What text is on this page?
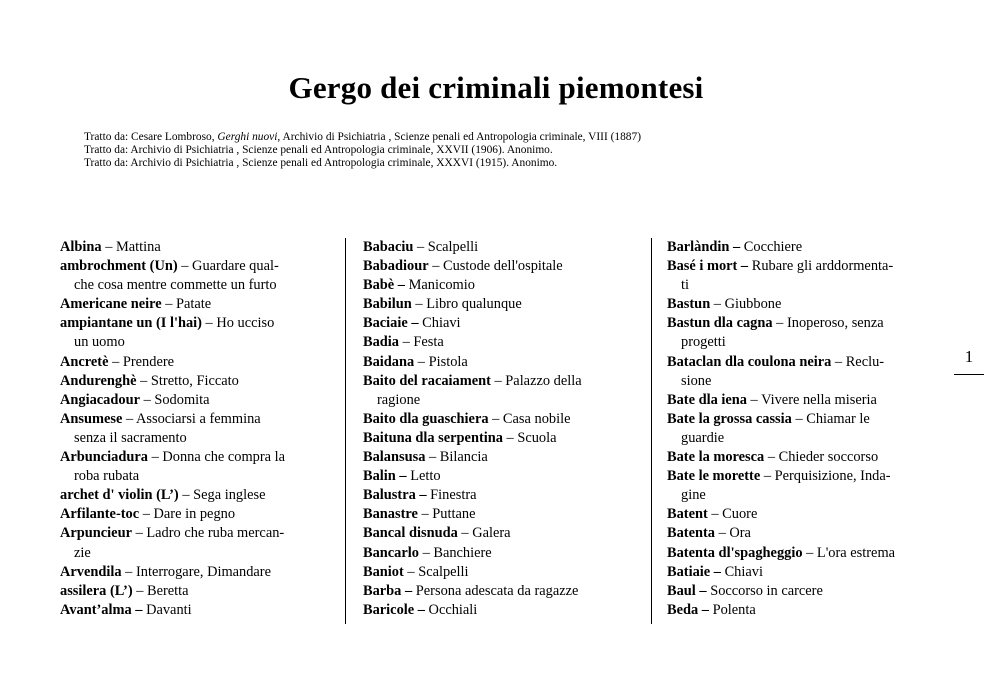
Gergo dei criminali piemontesi
Tratto da: Cesare Lombroso, Gerghi nuovi, Archivio di Psichiatria , Scienze penali ed Antropologia criminale, VIII (1887)
Tratto da: Archivio di Psichiatria , Scienze penali ed Antropologia criminale, XXVII (1906). Anonimo.
Tratto da: Archivio di Psichiatria , Scienze penali ed Antropologia criminale, XXXVI (1915). Anonimo.
Albina – Mattina
ambrochment (Un) – Guardare qual-
che cosa mentre commette un furto
Americane neire – Patate
ampiantane un (I l'hai) – Ho ucciso
un uomo
Ancretè – Prendere
Andurenghè – Stretto, Ficcato
Angiacadour – Sodomita
Ansumese – Associarsi a femmina
senza il sacramento
Arbunciadura – Donna che compra la
roba rubata
archet d' violin (L’) – Sega inglese
Arfilante-toc – Dare in pegno
Arpuncieur – Ladro che ruba mercan-
zie
Arvendila – Interrogare, Dimandare
assilera (L’) – Beretta
Avant’alma – Davanti
Babaciu – Scalpelli
Babadiour – Custode dell'ospitale
Babè – Manicomio
Babilun – Libro qualunque
Baciaie – Chiavi
Badia – Festa
Baidana – Pistola
Baito del racaiament – Palazzo della
ragione
Baito dla guaschiera – Casa nobile
Baituna dla serpentina – Scuola
Balansusa – Bilancia
Balin – Letto
Balustra – Finestra
Banastre – Puttane
Bancal disnuda – Galera
Bancarlo – Banchiere
Baniot – Scalpelli
Barba – Persona adescata da ragazze
Baricole – Occhiali
Barlàndin – Cocchiere
Basé i mort – Rubare gli arddormenta-
ti
Bastun – Giubbone
Bastun dla cagna – Inoperoso, senza
progetti
Bataclan dla coulona neira – Reclu-
sione
Bate dla iena – Vivere nella miseria
Bate la grossa cassia – Chiamar le
guardie
Bate la moresca – Chieder soccorso
Bate le morette – Perquisizione, Inda-
gine
Batent – Cuore
Batenta – Ora
Batenta dl'spagheggio – L'ora estrema
Batiaie – Chiavi
Baul – Soccorso in carcere
Beda – Polenta
1
